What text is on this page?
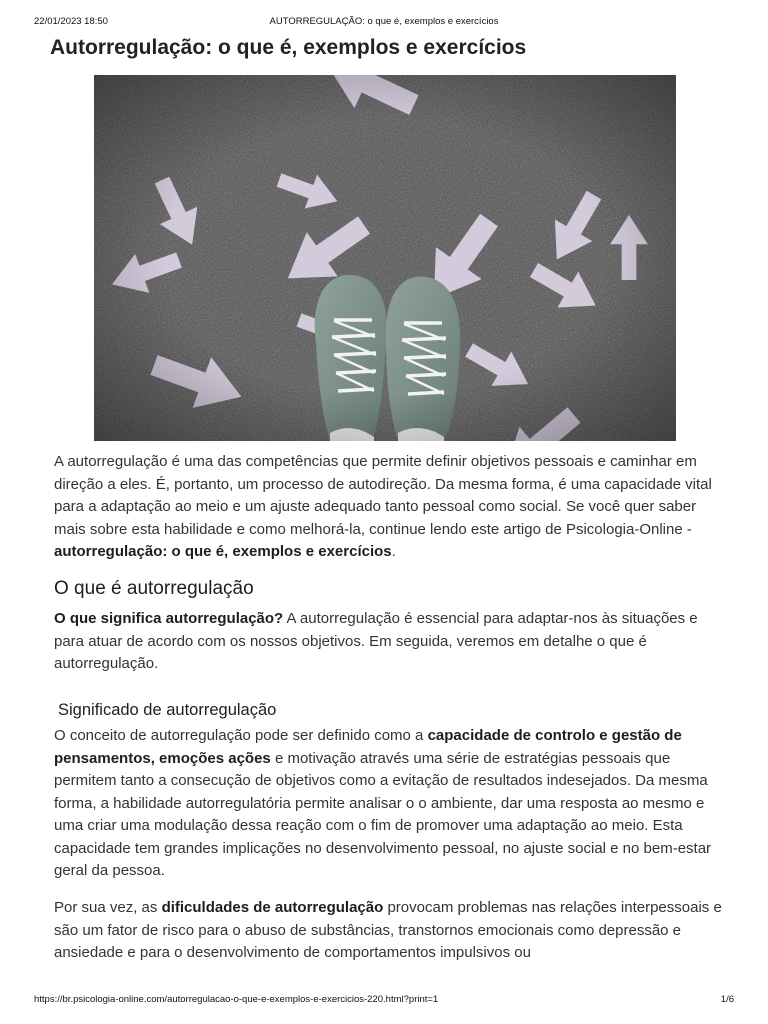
22/01/2023 18:50	AUTORREGULAÇÃO: o que é, exemplos e exercícios
Autorregulação: o que é, exemplos e exercícios

A autorregulação é uma das competências que permite definir objetivos pessoais e caminhar em direção a eles. É, portanto, um processo de autodireção. Da mesma forma, é uma capacidade vital para a adaptação ao meio e um ajuste adequado tanto pessoal como social. Se você quer saber mais sobre esta habilidade e como melhorá-la, continue lendo este artigo de Psicologia-Online - autorregulação: o que é, exemplos e exercícios.

O que é autorregulação

O que significa autorregulação? A autorregulação é essencial para adaptar-nos às situações e para atuar de acordo com os nossos objetivos. Em seguida, veremos em detalhe o que é autorregulação.

Significado de autorregulação

O conceito de autorregulação pode ser definido como a capacidade de controlo e gestão de pensamentos, emoções ações e motivação através uma série de estratégias pessoais que permitem tanto a consecução de objetivos como a evitação de resultados indesejados. Da mesma forma, a habilidade autorregulatória permite analisar o o ambiente, dar uma resposta ao mesmo e uma criar uma modulação dessa reação com o fim de promover uma adaptação ao meio. Esta capacidade tem grandes implicações no desenvolvimento pessoal, no ajuste social e no bem-estar geral da pessoa.

Por sua vez, as dificuldades de autorregulação provocam problemas nas relações interpessoais e são um fator de risco para o abuso de substâncias, transtornos emocionais como depressão e ansiedade e para o desenvolvimento de comportamentos impulsivos ou

https://br.psicologia-online.com/autorregulacao-o-que-e-exemplos-e-exercicios-220.html?print=1	1/6
